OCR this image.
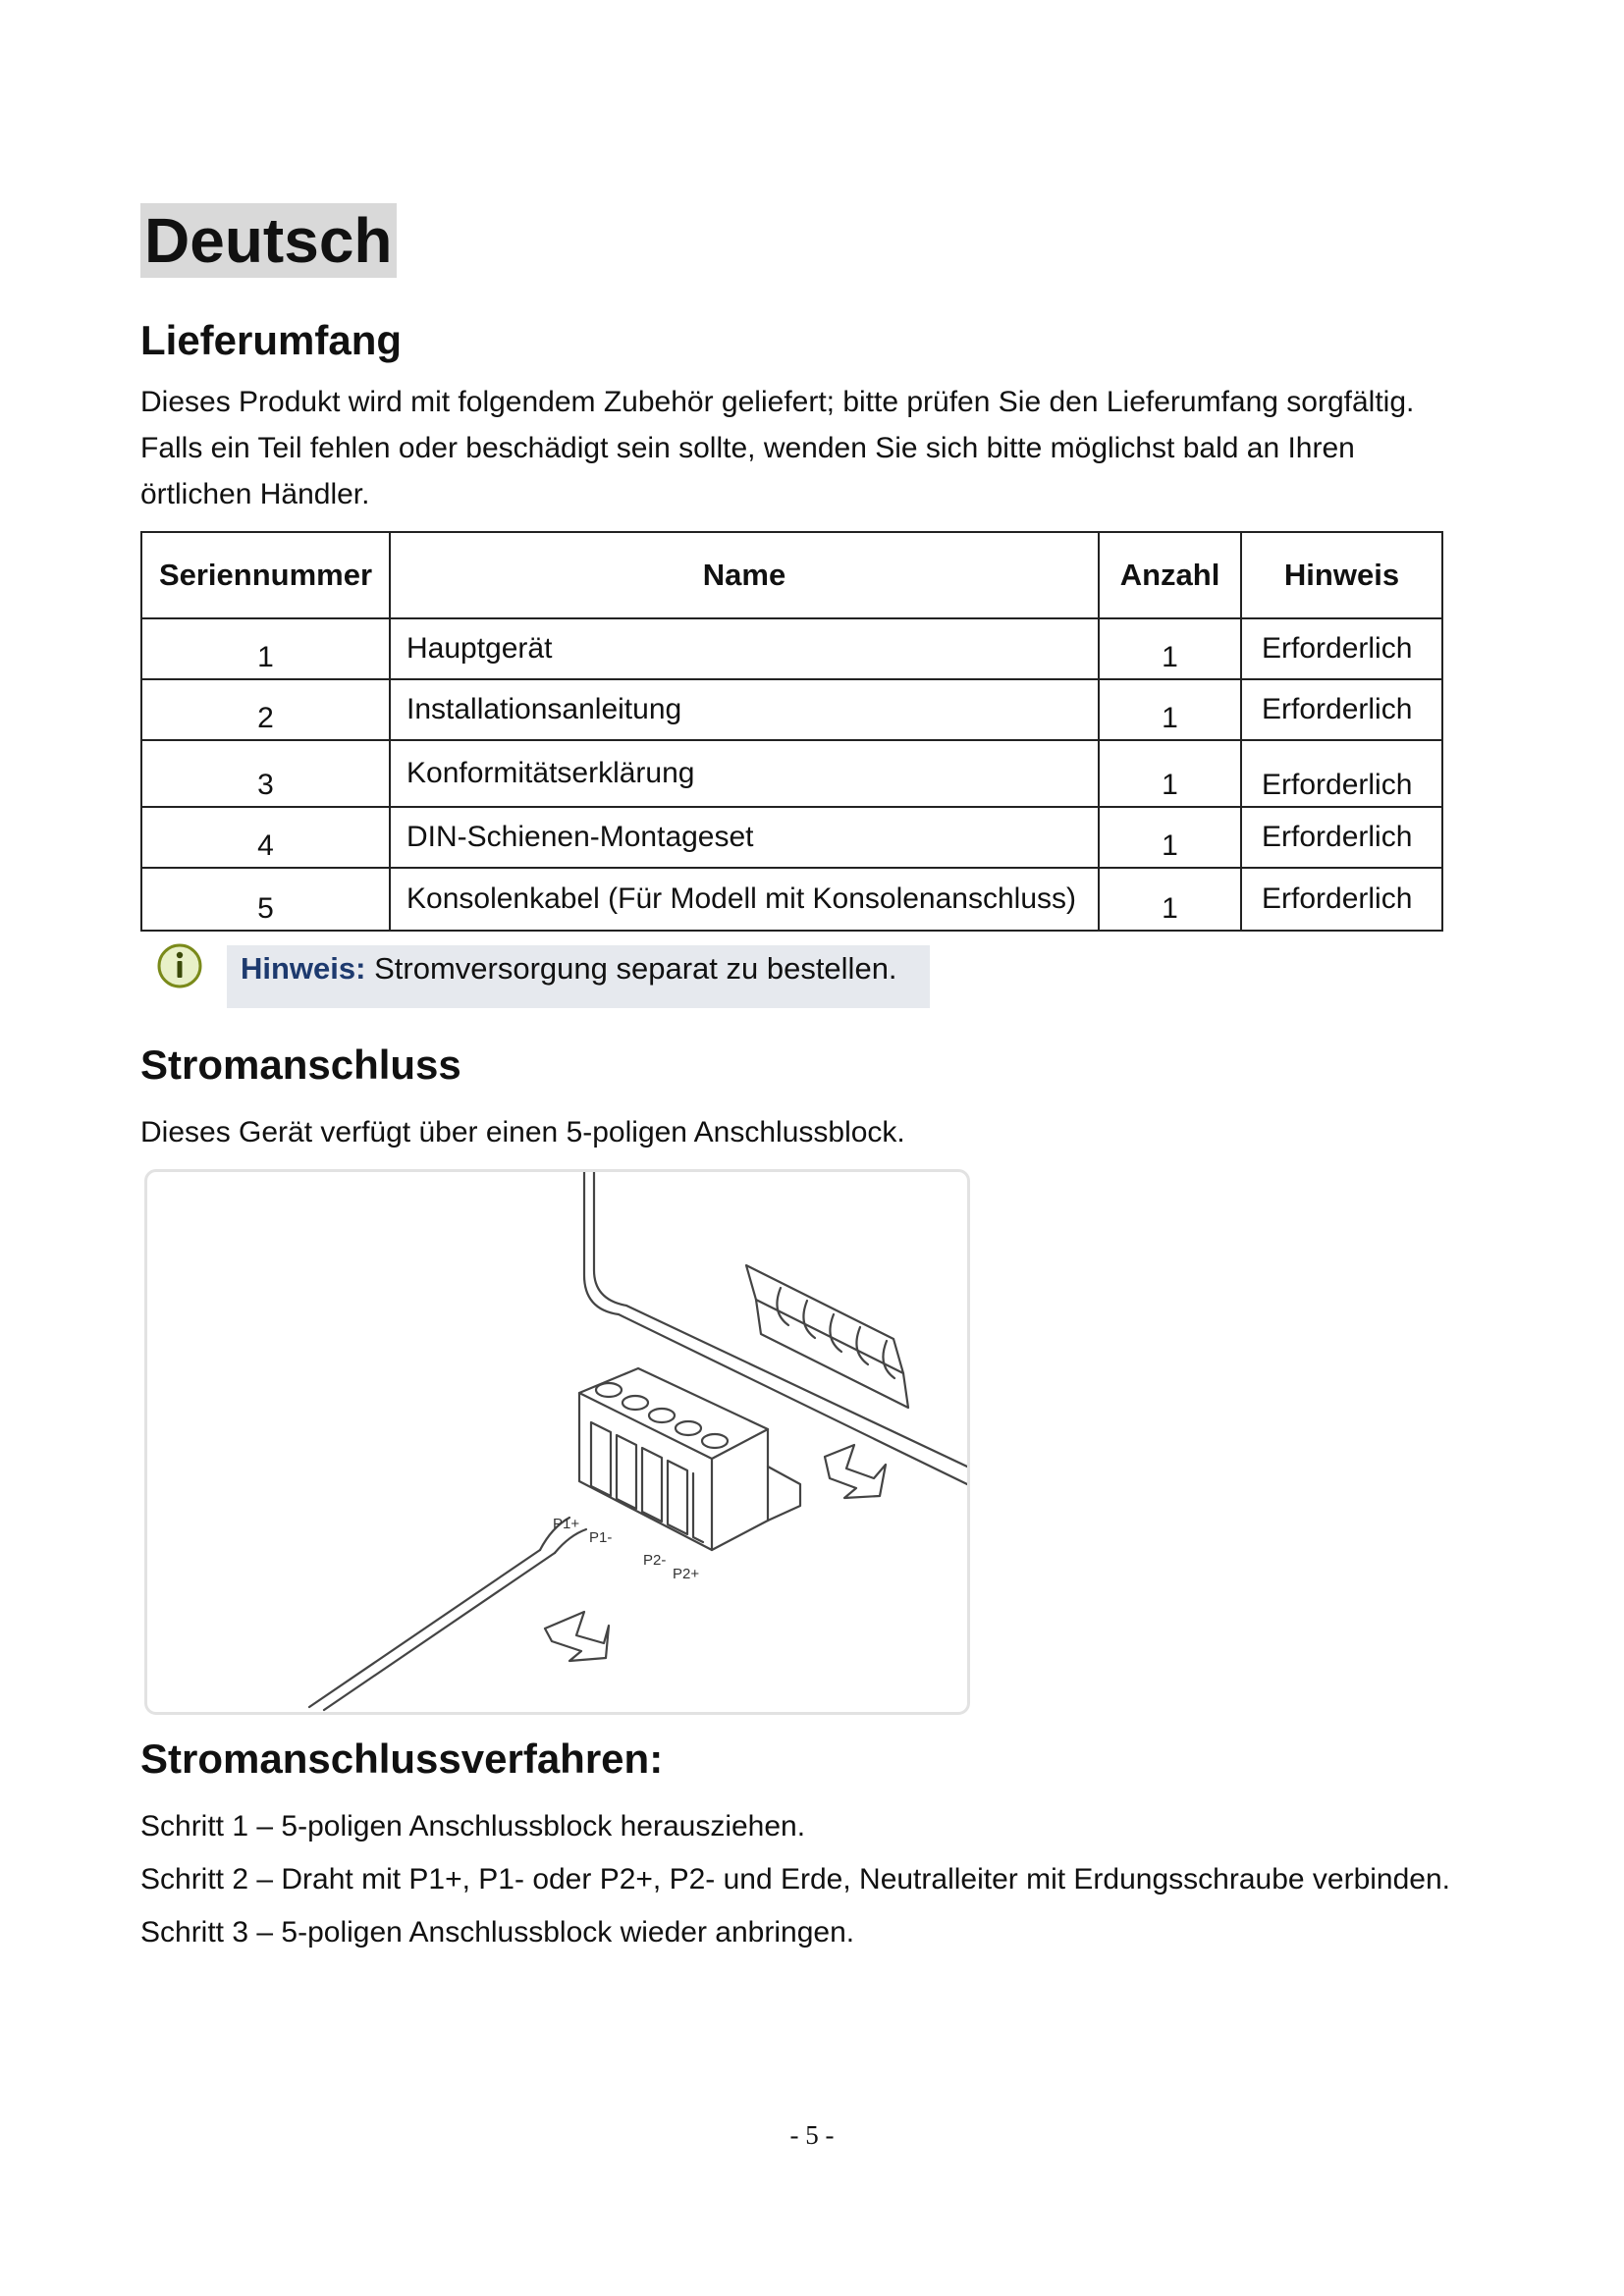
Deutsch
Lieferumfang

Dieses Produkt wird mit folgendem Zubehör geliefert; bitte prüfen Sie den Lieferumfang sorgfältig.

Falls ein Teil fehlen oder beschädigt sein sollte, wenden Sie sich bitte möglichst bald an Ihren

örtlichen Händler.

Seriennummer	Name	Anzahl	Hinweis
1	Hauptgerät	1	Erforderlich
2	Installationsanleitung	1	Erforderlich
3	Konformitätserklärung	1	Erforderlich
4	DIN-Schienen-Montageset	1	Erforderlich
5	Konsolenkabel (Für Modell mit Konsolenanschluss)	1	Erforderlich
Hinweis: Stromversorgung separat zu bestellen.
Stromanschluss
Dieses Gerät verfügt über einen 5-poligen Anschlussblock.
P1+
P1-
P2-
P2+
Stromanschlussverfahren:

Schritt 1 – 5-poligen Anschlussblock herausziehen.

Schritt 2 – Draht mit P1+, P1- oder P2+, P2- und Erde, Neutralleiter mit Erdungsschraube verbinden.

Schritt 3 – 5-poligen Anschlussblock wieder anbringen.

- 5 -
